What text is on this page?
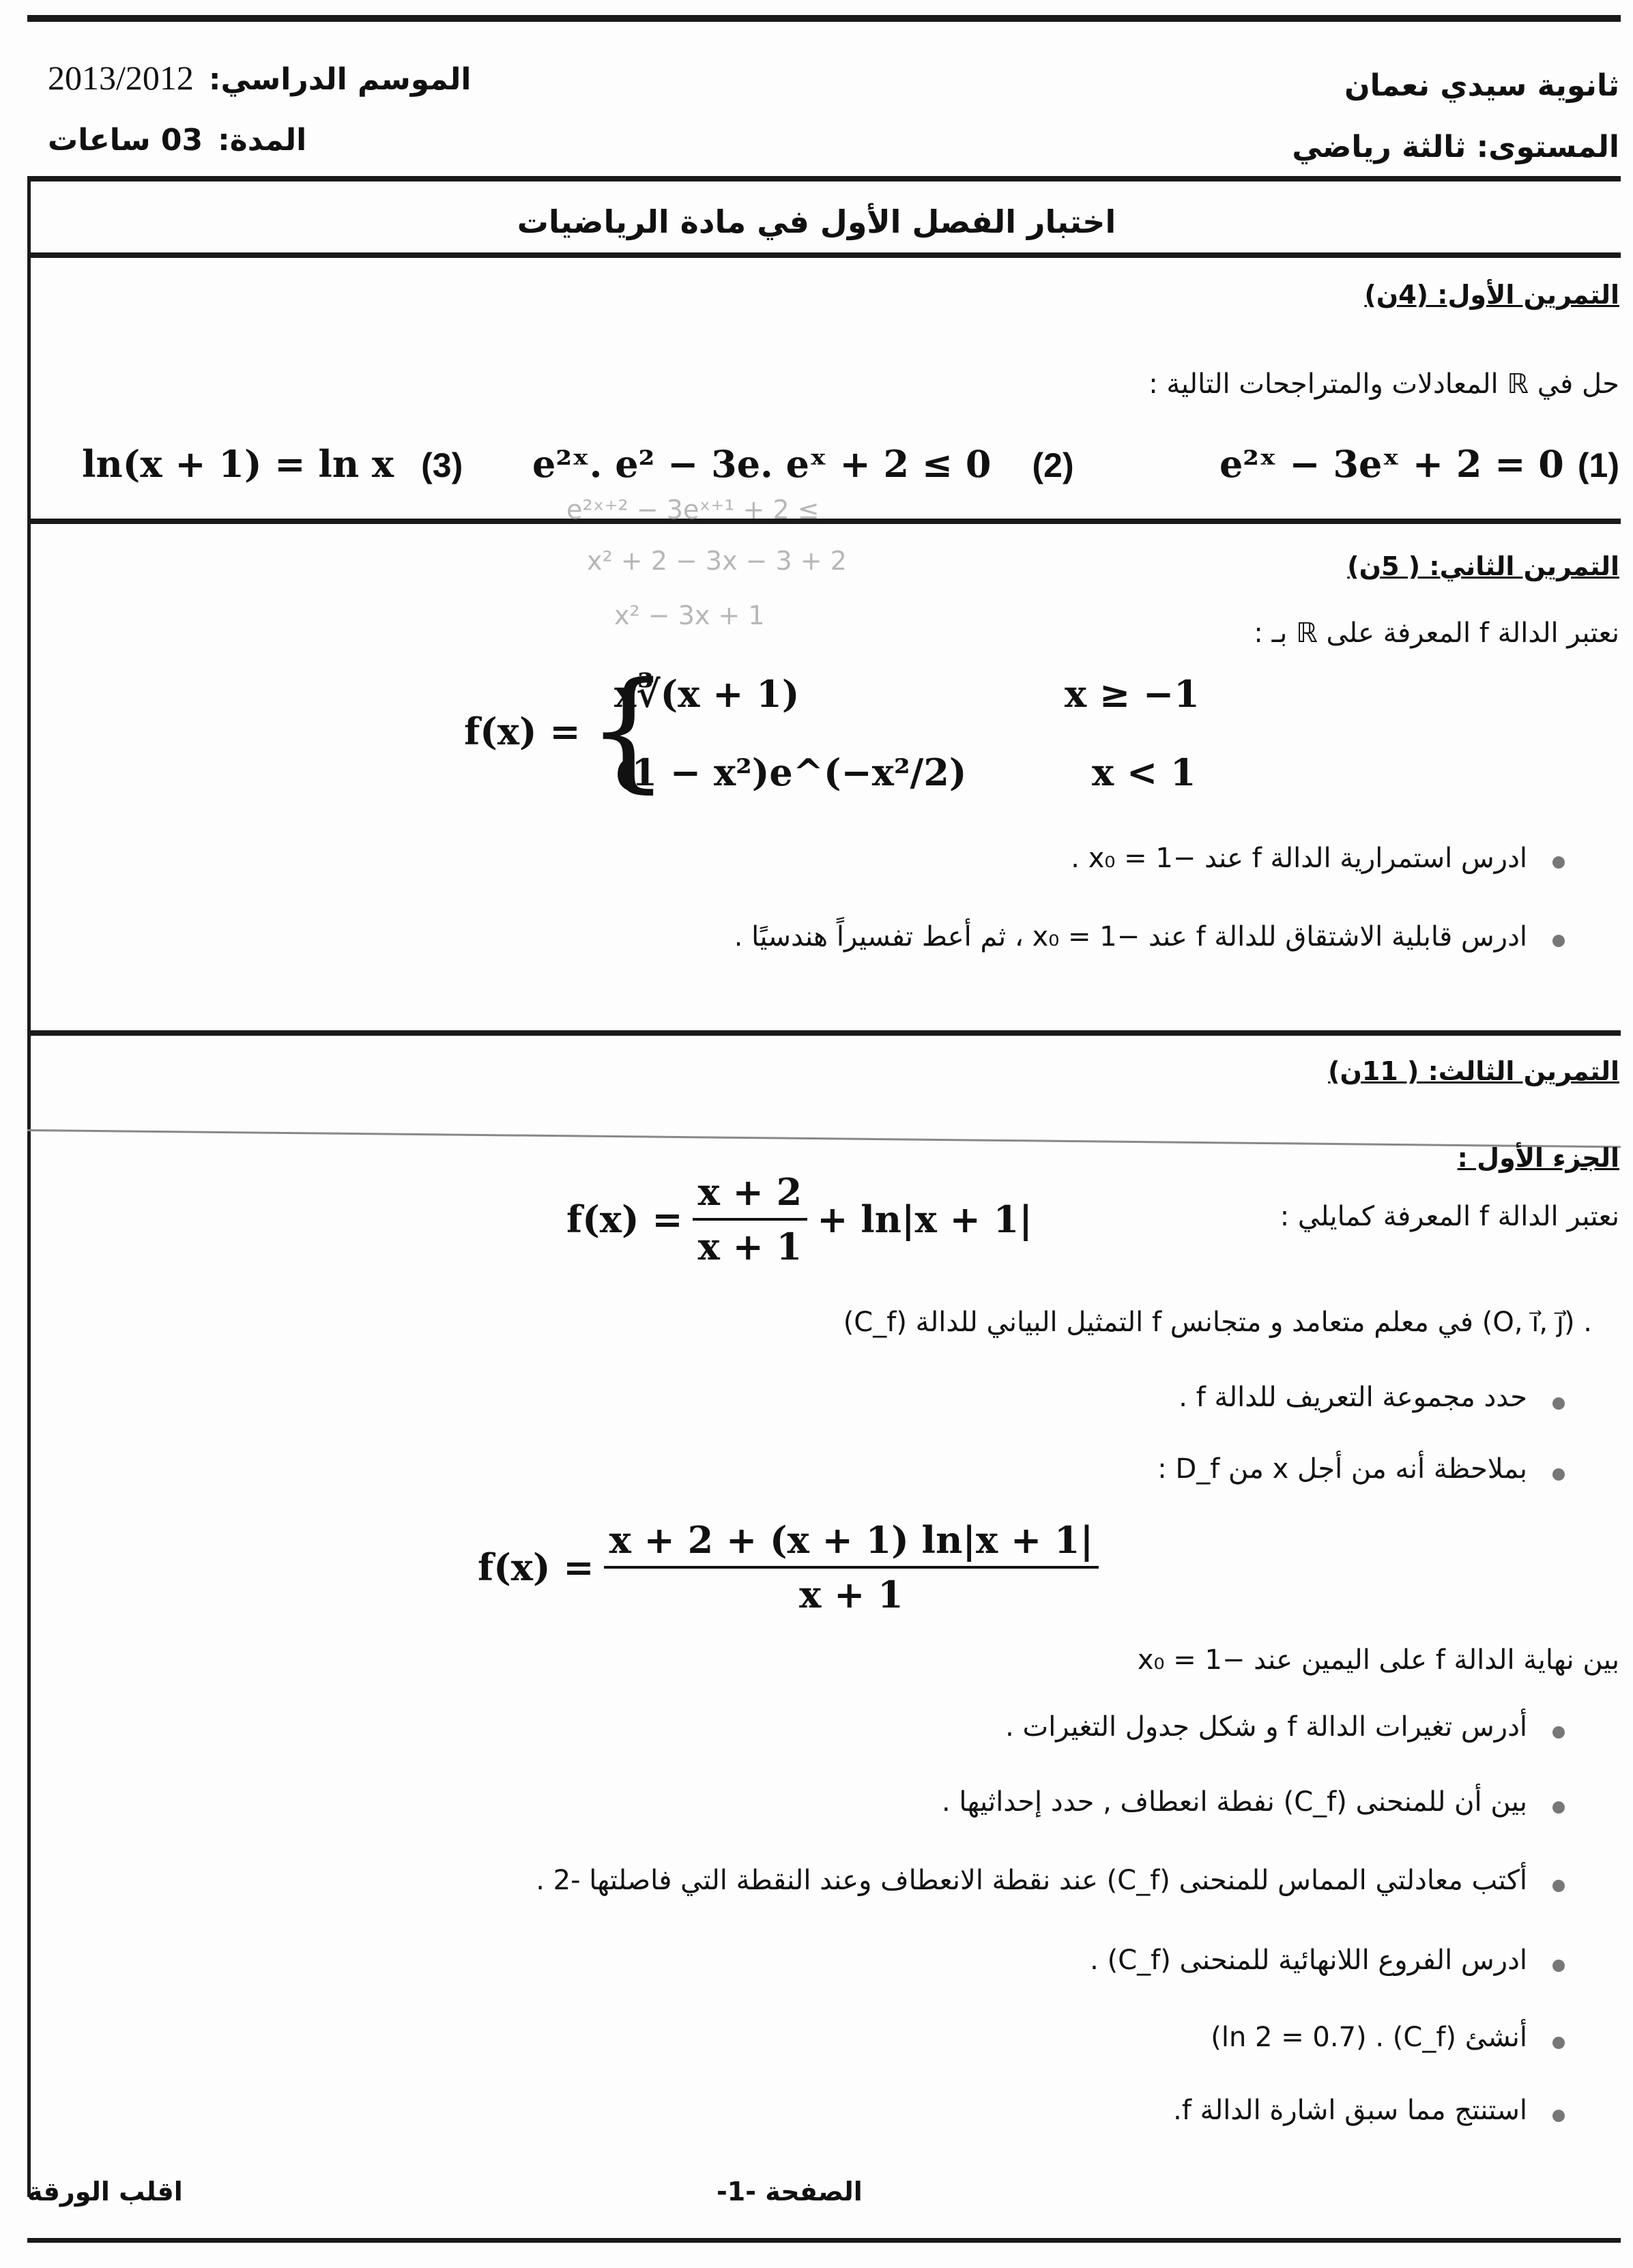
ثانوية سيدي نعمان
المستوى: ثالثة رياضي
2013/2012 الموسم الدراسي:
03 ساعات المدة:
اختبار الفصل الأول في مادة الرياضيات
التمرين الأول: (4ن)
حل في ℝ المعادلات والمتراجحات التالية :
e²ˣ − 3eˣ + 2 = 0 (1)
e²ˣ. e² − 3e. eˣ + 2 ≤ 0 (2)
ln(x + 1) = ln x (3)
e²ˣ⁺² − 3eˣ⁺¹ + 2 ≤
x² + 2 − 3x − 3 + 2
x² − 3x + 1
التمرين الثاني: ( 5ن)
نعتبر الدالة f المعرفة على ℝ بـ :
f(x) = {
x∛(x + 1)	x ≥ −1
(1 − x²)e^(−x²/2)	x < 1
ادرس استمرارية الدالة f عند −1 = x₀ .
ادرس قابلية الاشتقاق للدالة f عند −1 = x₀ ، ثم أعط تفسيراً هندسيًا .
التمرين الثالث: ( 11ن)
الجزء الأول :
نعتبر الدالة f المعرفة كمايلي :
$f(x) = \frac{x + 2}{x + 1} + \ln|x + 1|$
(C_f) التمثيل البياني للدالة f في معلم متعامد و متجانس (O, i⃗, j⃗) .
حدد مجموعة التعريف للدالة f .
بملاحظة أنه من أجل x من D_f :
$f(x) = \frac{x + 2 + (x + 1) \ln|x + 1|}{x + 1}$
بين نهاية الدالة f على اليمين عند −1 = x₀
أدرس تغيرات الدالة f و شكل جدول التغيرات .
بين أن للمنحنى (C_f) نفطة انعطاف , حدد إحداثيها .
أكتب معادلتي المماس للمنحنى (C_f) عند نقطة الانعطاف وعند النقطة التي فاصلتها -2 .
ادرس الفروع اللانهائية للمنحنى (C_f) .
أنشئ (C_f) . (ln 2 = 0.7)
استنتج مما سبق اشارة الدالة f.
اقلب الورقة	الصفحة -1-
